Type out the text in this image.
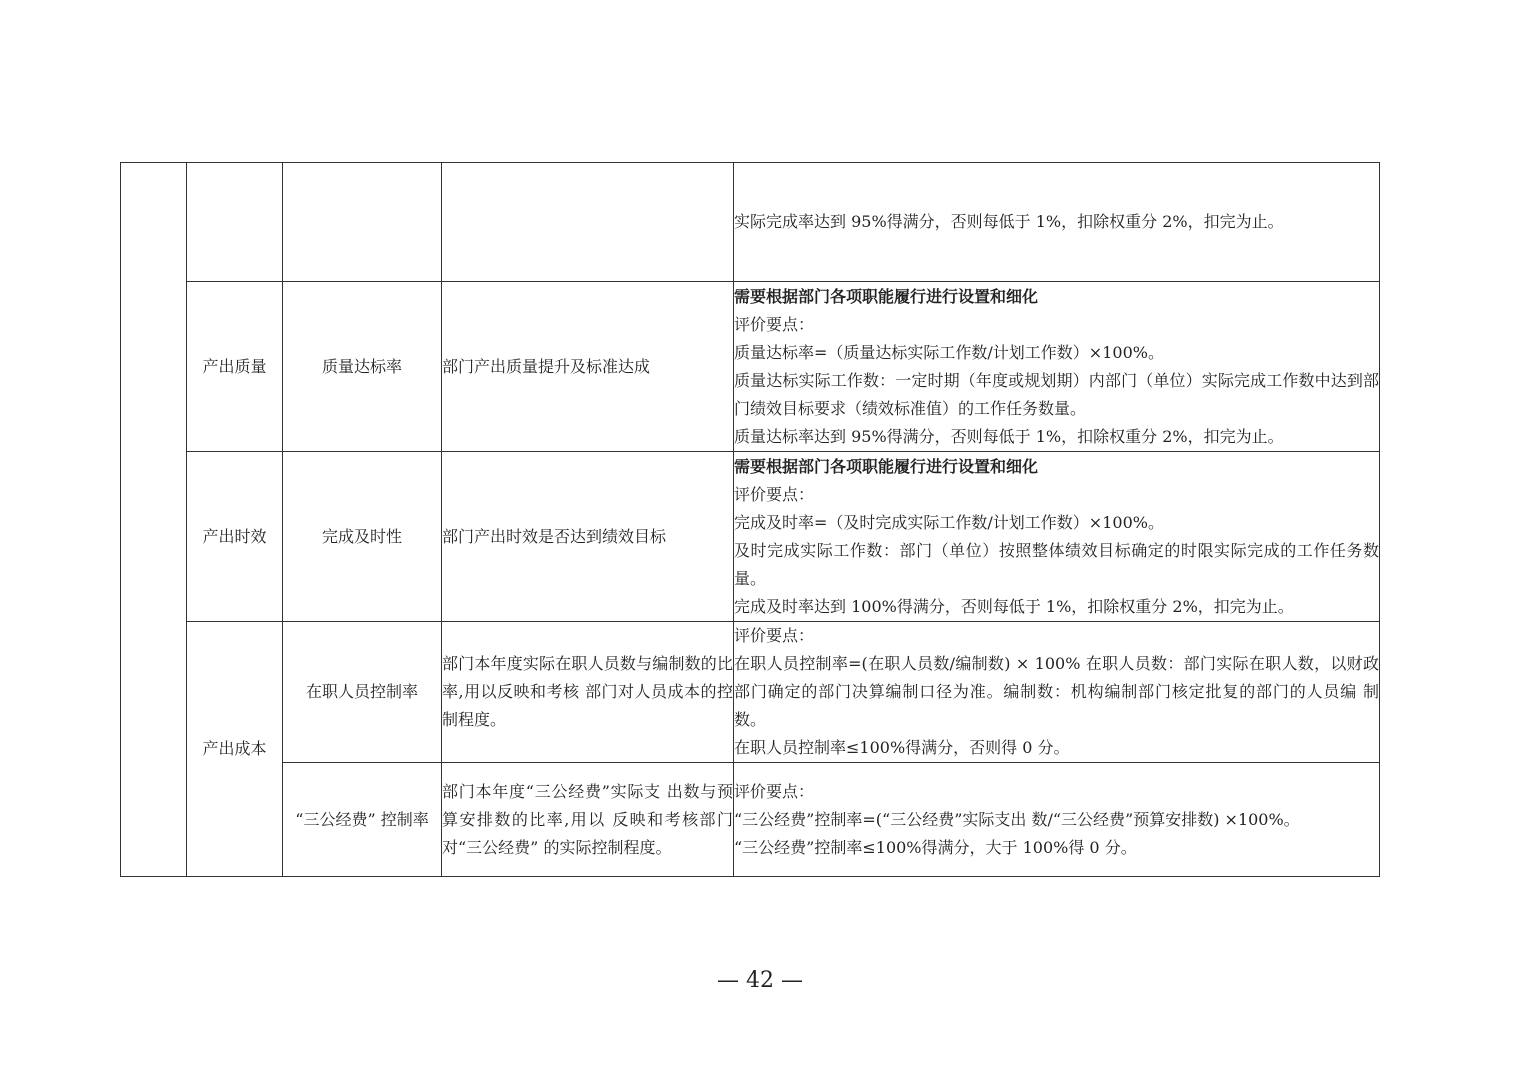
				实际完成率达到 95%得满分，否则每低于 1%，扣除权重分 2%，扣完为止。

	产出质量	质量达标率	部门产出质量提升及标准达成	需要根据部门各项职能履行进行设置和细化
评价要点：
质量达标率=（质量达标实际工作数/计划工作数）×100%。
质量达标实际工作数：一定时期（年度或规划期）内部门（单位）实际完成工作数中达到部门绩效目标要求（绩效标准值）的工作任务数量。
质量达标率达到 95%得满分，否则每低于 1%，扣除权重分 2%，扣完为止。

	产出时效	完成及时性	部门产出时效是否达到绩效目标	需要根据部门各项职能履行进行设置和细化
评价要点：
完成及时率=（及时完成实际工作数/计划工作数）×100%。
及时完成实际工作数：部门（单位）按照整体绩效目标确定的时限实际完成的工作任务数量。
完成及时率达到 100%得满分，否则每低于 1%，扣除权重分 2%，扣完为止。

	产出成本	在职人员控制率	部门本年度实际在职人员数与编制数的比率,用以反映和考核 部门对人员成本的控制程度。	评价要点：
在职人员控制率=(在职人员数/编制数) × 100% 在职人员数：部门实际在职人数，以财政部门确定的部门决算编制口径为准。编制数：机构编制部门核定批复的部门的人员编 制数。
在职人员控制率≤100%得满分，否则得 0 分。

		“三公经费” 控制率	部门本年度“三公经费”实际支 出数与预算安排数的比率,用以 反映和考核部门对“三公经费” 的实际控制程度。	评价要点：
“三公经费”控制率=(“三公经费”实际支出 数/“三公经费”预算安排数) ×100%。
“三公经费”控制率≤100%得满分，大于 100%得 0 分。
— 42 —
